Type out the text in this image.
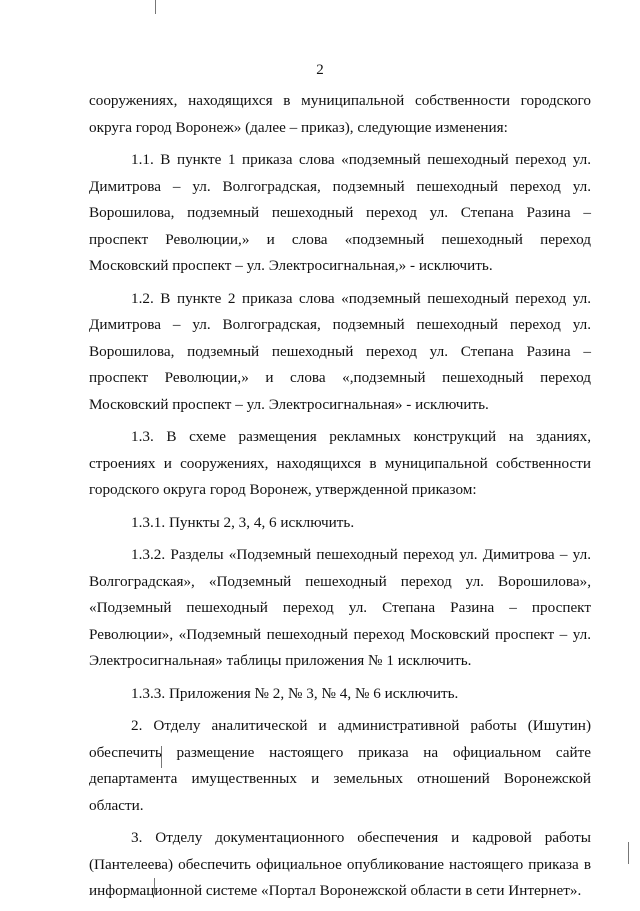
2

сооружениях, находящихся в муниципальной собственности городского округа город Воронеж» (далее – приказ), следующие изменения:

1.1. В пункте 1 приказа слова «подземный пешеходный переход ул. Димитрова – ул. Волгоградская, подземный пешеходный переход ул. Ворошилова, подземный пешеходный переход ул. Степана Разина – проспект Революции,» и слова «подземный пешеходный переход Московский проспект – ул. Электросигнальная,» - исключить.

1.2. В пункте 2 приказа слова «подземный пешеходный переход ул. Димитрова – ул. Волгоградская, подземный пешеходный переход ул. Ворошилова, подземный пешеходный переход ул. Степана Разина – проспект Революции,» и слова «,подземный пешеходный переход Московский проспект – ул. Электросигнальная» - исключить.

1.3. В схеме размещения рекламных конструкций на зданиях, строениях и сооружениях, находящихся в муниципальной собственности городского округа город Воронеж, утвержденной приказом:

1.3.1. Пункты 2, 3, 4, 6 исключить.

1.3.2. Разделы «Подземный пешеходный переход ул. Димитрова – ул. Волгоградская», «Подземный пешеходный переход ул. Ворошилова», «Подземный пешеходный переход ул. Степана Разина – проспект Революции», «Подземный пешеходный переход Московский проспект – ул. Электросигнальная» таблицы приложения № 1 исключить.

1.3.3. Приложения № 2, № 3, № 4, № 6 исключить.

2. Отделу аналитической и административной работы (Ишутин) обеспечить размещение настоящего приказа на официальном сайте департамента имущественных и земельных отношений Воронежской области.

3. Отделу документационного обеспечения и кадровой работы (Пантелеева) обеспечить официальное опубликование настоящего приказа в информационной системе «Портал Воронежской области в сети Интернет».
